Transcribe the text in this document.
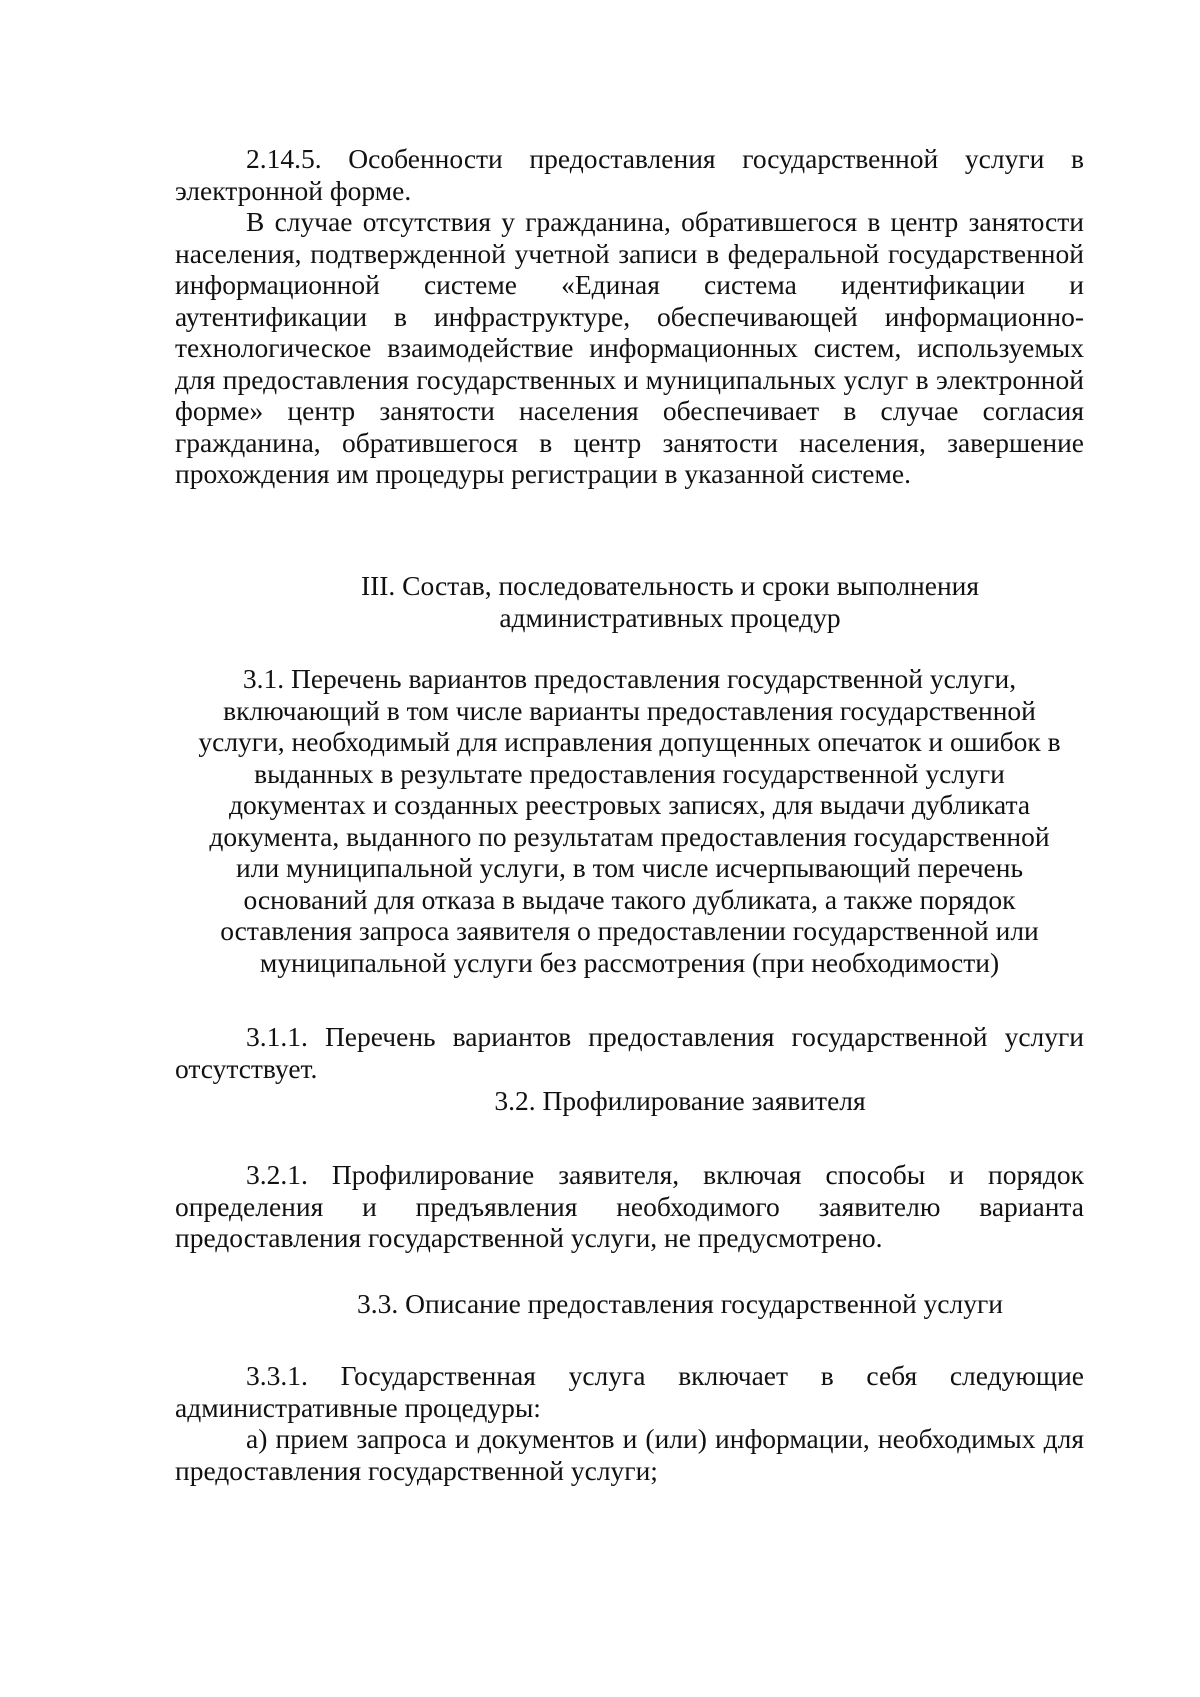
2.14.5. Особенности предоставления государственной услуги в электронной форме.

В случае отсутствия у гражданина, обратившегося в центр занятости населения, подтвержденной учетной записи в федеральной государственной информационной системе «Единая система идентификации и аутентификации в инфраструктуре, обеспечивающей информационно-технологическое взаимодействие информационных систем, используемых для предоставления государственных и муниципальных услуг в электронной форме» центр занятости населения обеспечивает в случае согласия гражданина, обратившегося в центр занятости населения, завершение прохождения им процедуры регистрации в указанной системе.

III. Состав, последовательность и сроки выполнения
административных процедур
3.1. Перечень вариантов предоставления государственной услуги,
включающий в том числе варианты предоставления государственной
услуги, необходимый для исправления допущенных опечаток и ошибок в
выданных в результате предоставления государственной услуги
документах и созданных реестровых записях, для выдачи дубликата
документа, выданного по результатам предоставления государственной
или муниципальной услуги, в том числе исчерпывающий перечень
оснований для отказа в выдаче такого дубликата, а также порядок
оставления запроса заявителя о предоставлении государственной или
муниципальной услуги без рассмотрения (при необходимости)

3.1.1. Перечень вариантов предоставления государственной услуги отсутствует.

3.2. Профилирование заявителя

3.2.1. Профилирование заявителя, включая способы и порядок определения и предъявления необходимого заявителю варианта предоставления государственной услуги, не предусмотрено.

3.3. Описание предоставления государственной услуги

3.3.1. Государственная услуга включает в себя следующие административные процедуры:

а) прием запроса и документов и (или) информации, необходимых для предоставления государственной услуги;
